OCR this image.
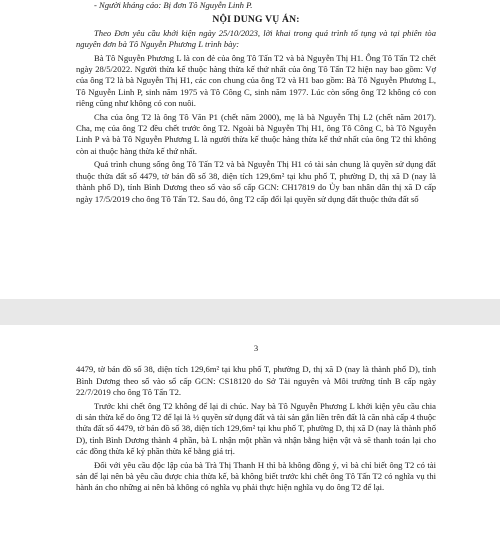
- Người kháng cáo: Bị đơn Tô Nguyễn Linh P.
NỘI DUNG VỤ ÁN:
Theo Đơn yêu cầu khởi kiện ngày 25/10/2023, lời khai trong quá trình tố tụng và tại phiên tòa nguyên đơn bà Tô Nguyễn Phương L trình bày:
Bà Tô Nguyễn Phương L là con đẻ của ông Tô Tấn T2 và bà Nguyễn Thị H1. Ông Tô Tấn T2 chết ngày 28/5/2022. Người thừa kế thuộc hàng thừa kế thứ nhất của ông Tô Tấn T2 hiện nay bao gồm: Vợ của ông T2 là bà Nguyễn Thị H1, các con chung của ông T2 và H1 bao gồm: Bà Tô Nguyễn Phương L, Tô Nguyễn Linh P, sinh năm 1975 và Tô Công C, sinh năm 1977. Lúc còn sống ông T2 không có con riêng cũng như không có con nuôi.
Cha của ông T2 là ông Tô Văn P1 (chết năm 2000), mẹ là bà Nguyễn Thị L2 (chết năm 2017). Cha, mẹ của ông T2 đều chết trước ông T2. Ngoài bà Nguyễn Thị H1, ông Tô Công C, bà Tô Nguyễn Linh P và bà Tô Nguyễn Phương L là người thừa kế thuộc hàng thừa kế thứ nhất của ông T2 thì không còn ai thuộc hàng thừa kế thứ nhất.
Quá trình chung sống ông Tô Tấn T2 và bà Nguyễn Thị H1 có tài sản chung là quyền sử dụng đất thuộc thửa đất số 4479, tờ bản đồ số 38, diện tích 129,6m² tại khu phố T, phường D, thị xã D (nay là thành phố D), tỉnh Bình Dương theo số vào sổ cấp GCN: CH17819 do Ủy ban nhân dân thị xã D cấp ngày 17/5/2019 cho ông Tô Tấn T2. Sau đó, ông T2 cấp đổi lại quyền sử dụng đất thuộc thửa đất số
3
4479, tờ bản đồ số 38, diện tích 129,6m² tại khu phố T, phường D, thị xã D (nay là thành phố D), tỉnh Bình Dương theo số vào sổ cấp GCN: CS18120 do Sở Tài nguyên và Môi trường tỉnh B cấp ngày 22/7/2019 cho ông Tô Tấn T2.
Trước khi chết ông T2 không để lại di chúc. Nay bà Tô Nguyễn Phương L khởi kiện yêu cầu chia di sản thừa kế do ông T2 để lại là ½ quyền sử dụng đất và tài sản gắn liền trên đất là căn nhà cấp 4 thuộc thửa đất số 4479, tờ bản đồ số 38, diện tích 129,6m² tại khu phố T, phường D, thị xã D (nay là thành phố D), tỉnh Bình Dương thành 4 phần, bà L nhận một phần và nhận bằng hiện vật và sẽ thanh toán lại cho các đồng thừa kế kỷ phần thừa kế bằng giá trị.
Đối với yêu cầu độc lập của bà Trà Thị Thanh H thì bà không đồng ý, vì bà chỉ biết ông T2 có tài sản để lại nên bà yêu cầu được chia thừa kế, bà không biết trước khi chết ông Tô Tấn T2 có nghĩa vụ thi hành án cho những ai nên bà không có nghĩa vụ phải thực hiện nghĩa vụ do ông T2 để lại.
